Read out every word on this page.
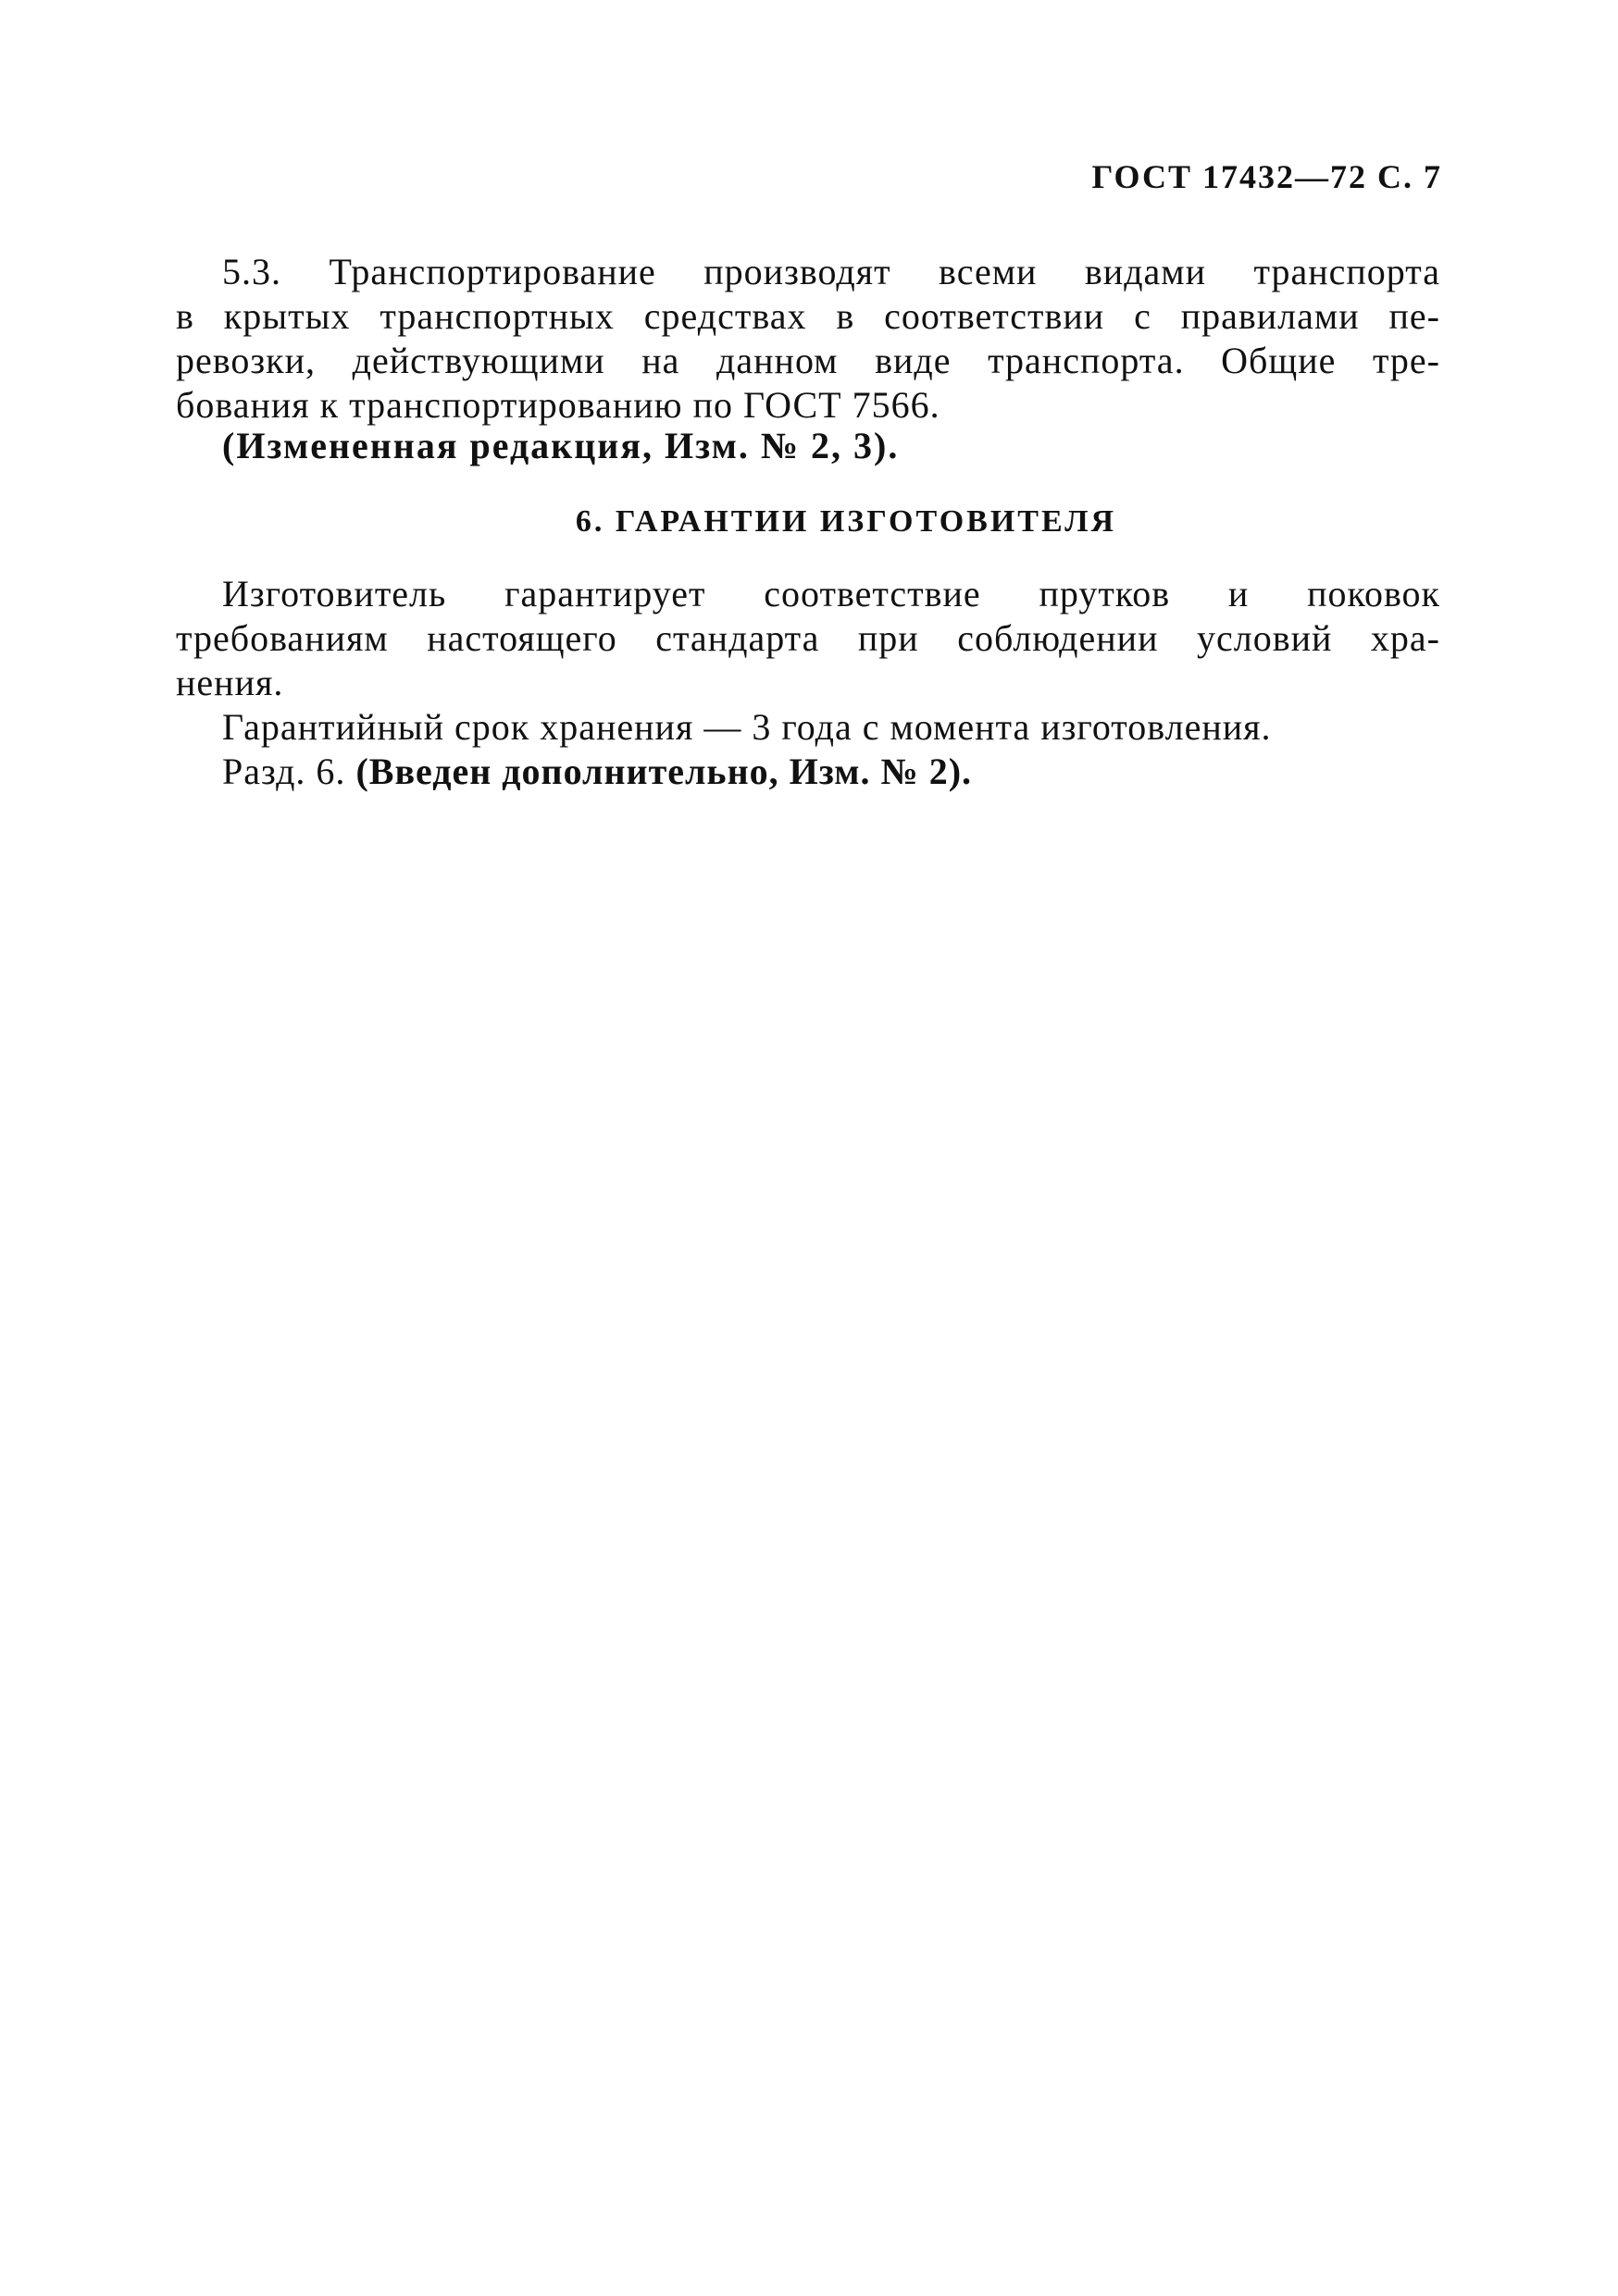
ГОСТ 17432—72 С. 7
5.3. Транспортирование производят всеми видами транспорта
в крытых транспортных средствах в соответствии с правилами пе-
ревозки, действующими на данном виде транспорта. Общие тре-
бования к транспортированию по ГОСТ 7566.
(Измененная редакция, Изм. № 2, 3).
6. ГАРАНТИИ ИЗГОТОВИТЕЛЯ
Изготовитель гарантирует соответствие прутков и поковок
требованиям настоящего стандарта при соблюдении условий хра-
нения.
Гарантийный срок хранения — 3 года с момента изготовления.
Разд. 6. (Введен дополнительно, Изм. № 2).
